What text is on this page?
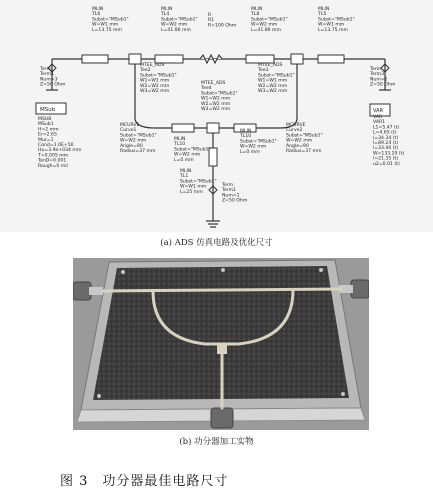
MSub	VAR
MLIN TL6 Subst="MSub1" W=W1 mm L=13.75 mm
MLIN TL4 Subst="MSub1" W=W2 mm L=41.86 mm
R R1 R=100 Ohm
MLIN TL8 Subst="MSub1" W=W2 mm L=41.86 mm
MLIN TL5 Subst="MSub1" W=W1 mm L=13.75 mm
Term Term1 Num=3 Z=50 Ohm
MTEE_ADS Tee2 Subst="MSub1" W1=W1 mm W2=W2 mm W3=W2 mm
MTEE_ADS Tee3 Subst="MSub1" W1=W1 mm W2=W2 mm W3=W2 mm
Term Term3 Num=2 Z=50 Ohm
MTEE_ADS Tee4 Subst="MSub1" W1=W2 mm W2=W2 mm W3=W2 mm
MCURVE Curve1 Subst="MSub1" W=W2 mm Angle=90 Radius=37 mm
MLIN TL10 Subst="MSub1" W=W2 mm L=0 mm
MLIN TL10 Subst="MSub1" W=W2 mm L=0 mm
MCURVE Curve2 Subst="MSub1" W=W2 mm Angle=90 Radius=37 mm
MSUB MSub1 H=2 mm Er=2.65 Mur=1 Cond=1.0E+50 Hu=3.9e+034 mm T=0.005 mm TanD=0.001 Rough=0 mil
MLIN TL1 Subst="MSub1" W=W1 mm L=25 mm
Term Term1 Num=1 Z=50 Ohm
VAR VAR1 L1=5.47 (t) L=4.65 (t) l=34.34 (t) l=89.24 (t) l=33.40 (t) W=133.29 (t) l=21.35 (t) u2=0.01 (t)
(a) ADS 仿真电路及优化尺寸
(b) 功分器加工实物
图 3　功分器最佳电路尺寸
